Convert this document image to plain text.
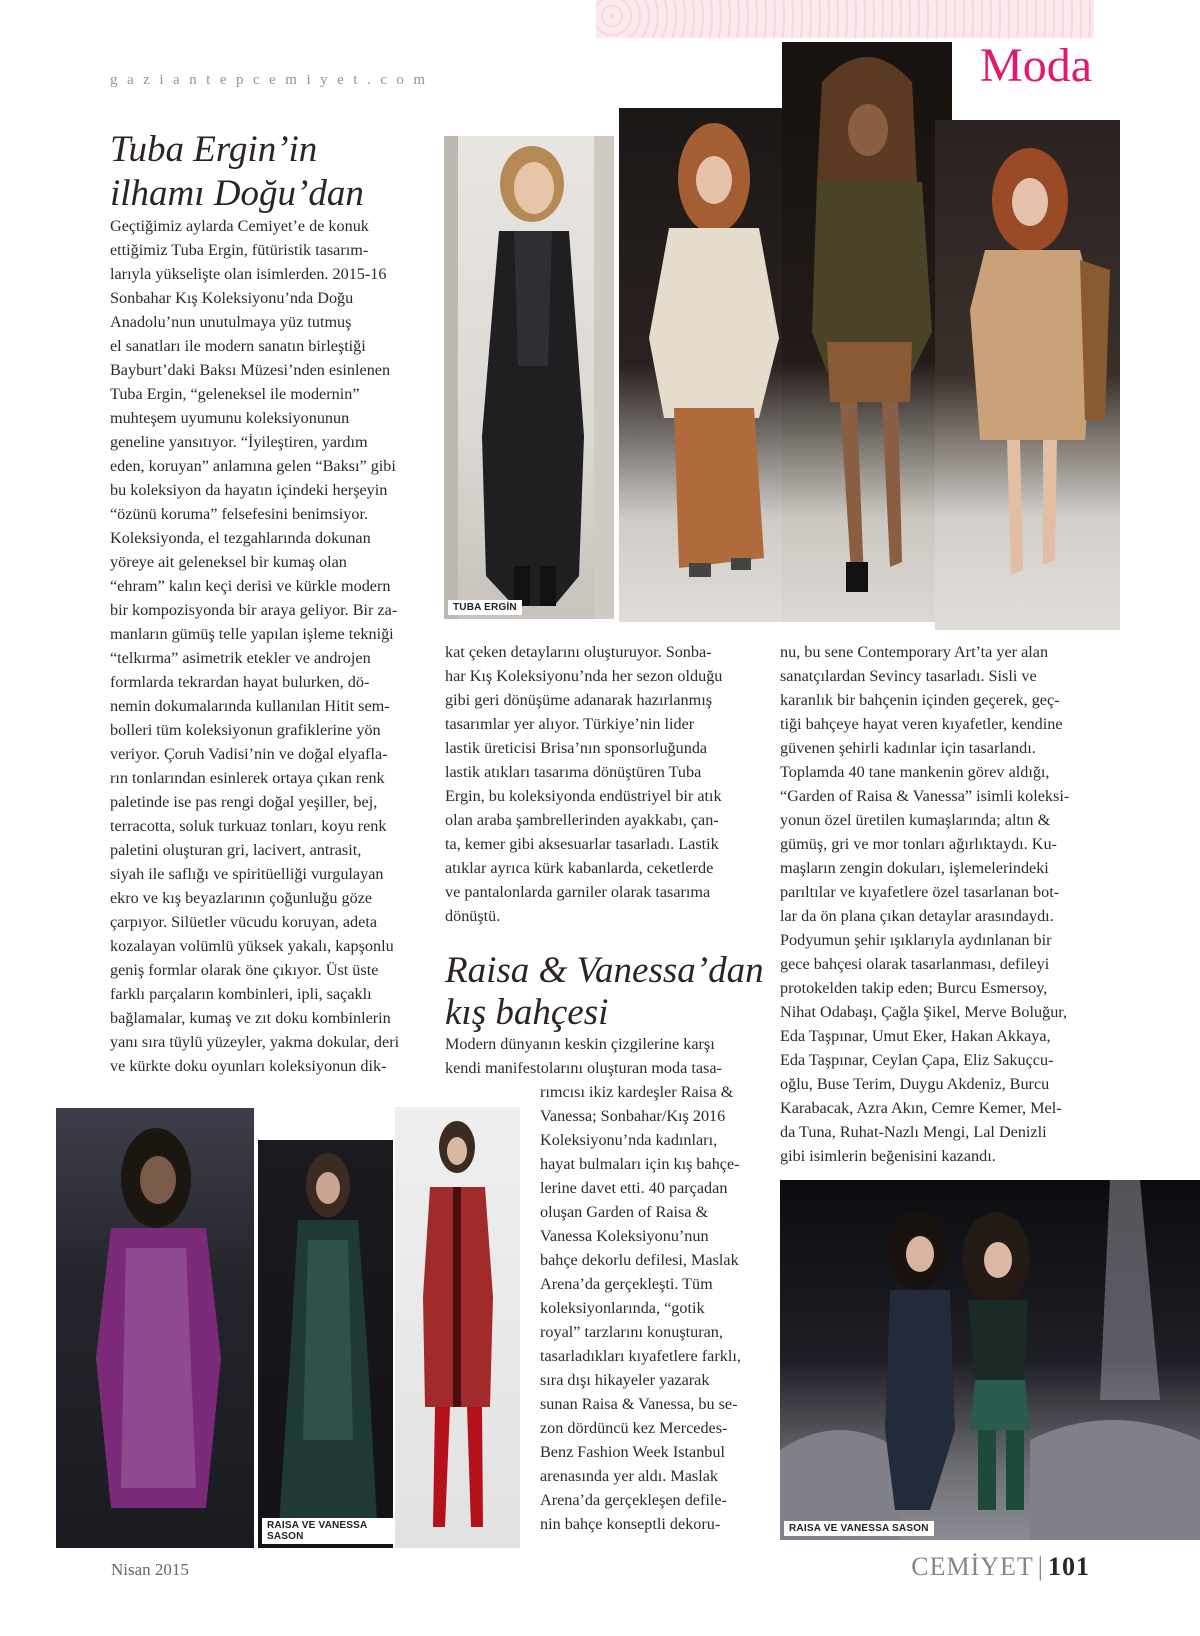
gaziantepcemiyet.com	Moda
Tuba Ergin’in
ilhamı Doğu’dan
Geçtiğimiz aylarda Cemiyet’e de konuk
ettiğimiz Tuba Ergin, fütüristik tasarım-
larıyla yükselişte olan isimlerden. 2015-16
Sonbahar Kış Koleksiyonu’nda Doğu
Anadolu’nun unutulmaya yüz tutmuş
el sanatları ile modern sanatın birleştiği
Bayburt’daki Baksı Müzesi’nden esinlenen
Tuba Ergin, “geleneksel ile modernin”
muhteşem uyumunu koleksiyonunun
geneline yansıtıyor. “İyileştiren, yardım
eden, koruyan” anlamına gelen “Baksı” gibi
bu koleksiyon da hayatın içindeki herşeyin
“özünü koruma” felsefesini benimsiyor.
Koleksiyonda, el tezgahlarında dokunan
yöreye ait geleneksel bir kumaş olan
“ehram” kalın keçi derisi ve kürkle modern
bir kompozisyonda bir araya geliyor. Bir za-
manların gümüş telle yapılan işleme tekniği
“telkırma” asimetrik etekler ve androjen
formlarda tekrardan hayat bulurken, dö-
nemin dokumalarında kullanılan Hitit sem-
bolleri tüm koleksiyonun grafiklerine yön
veriyor. Çoruh Vadisi’nin ve doğal elyafla-
rın tonlarından esinlerek ortaya çıkan renk
paletinde ise pas rengi doğal yeşiller, bej,
terracotta, soluk turkuaz tonları, koyu renk
paletini oluşturan gri, lacivert, antrasit,
siyah ile saflığı ve spiritüelliği vurgulayan
ekro ve kış beyazlarının çoğunluğu göze
çarpıyor. Silüetler vücudu koruyan, adeta
kozalayan volümlü yüksek yakalı, kapşonlu
geniş formlar olarak öne çıkıyor. Üst üste
farklı parçaların kombinleri, ipli, saçaklı
bağlamalar, kumaş ve zıt doku kombinlerin
yanı sıra tüylü yüzeyler, yakma dokular, deri
ve kürkte doku oyunları koleksiyonun dik-
kat çeken detaylarını oluşturuyor. Sonba-
har Kış Koleksiyonu’nda her sezon olduğu
gibi geri dönüşüme adanarak hazırlanmış
tasarımlar yer alıyor. Türkiye’nin lider
lastik üreticisi Brisa’nın sponsorluğunda
lastik atıkları tasarıma dönüştüren Tuba
Ergin, bu koleksiyonda endüstriyel bir atık
olan araba şambrellerinden ayakkabı, çan-
ta, kemer gibi aksesuarlar tasarladı. Lastik
atıklar ayrıca kürk kabanlarda, ceketlerde
ve pantalonlarda garniler olarak tasarıma
dönüştü.
Raisa & Vanessa’dan
kış bahçesi
Modern dünyanın keskin çizgilerine karşı
kendi manifestolarını oluşturan moda tasa-
rımcısı ikiz kardeşler Raisa &
Vanessa; Sonbahar/Kış 2016
Koleksiyonu’nda kadınları,
hayat bulmaları için kış bahçe-
lerine davet etti. 40 parçadan
oluşan Garden of Raisa &
Vanessa Koleksiyonu’nun
bahçe dekorlu defilesi, Maslak
Arena’da gerçekleşti. Tüm
koleksiyonlarında, “gotik
royal” tarzlarını konuşturan,
tasarladıkları kıyafetlere farklı,
sıra dışı hikayeler yazarak
sunan Raisa & Vanessa, bu se-
zon dördüncü kez Mercedes-
Benz Fashion Week Istanbul
arenasında yer aldı. Maslak
Arena’da gerçekleşen defile-
nin bahçe konseptli dekoru-
nu, bu sene Contemporary Art’ta yer alan
sanatçılardan Sevincy tasarladı. Sisli ve
karanlık bir bahçenin içinden geçerek, geç-
tiği bahçeye hayat veren kıyafetler, kendine
güvenen şehirli kadınlar için tasarlandı.
Toplamda 40 tane mankenin görev aldığı,
“Garden of Raisa & Vanessa” isimli koleksi-
yonun özel üretilen kumaşlarında; altın &
gümüş, gri ve mor tonları ağırlıktaydı. Ku-
maşların zengin dokuları, işlemelerindeki
parıltılar ve kıyafetlere özel tasarlanan bot-
lar da ön plana çıkan detaylar arasındaydı.
Podyumun şehir ışıklarıyla aydınlanan bir
gece bahçesi olarak tasarlanması, defileyi
protokelden takip eden; Burcu Esmersoy,
Nihat Odabaşı, Çağla Şikel, Merve Boluğur,
Eda Taşpınar, Umut Eker, Hakan Akkaya,
Eda Taşpınar, Ceylan Çapa, Eliz Sakuçcu-
oğlu, Buse Terim, Duygu Akdeniz, Burcu
Karabacak, Azra Akın, Cemre Kemer, Mel-
da Tuna, Ruhat-Nazlı Mengi, Lal Denizli
gibi isimlerin beğenisini kazandı.
TUBA ERGİN
RAISA VE VANESSA SASON
RAISA VE VANESSA SASON
Nisan 2015	CEMİYET | 101
